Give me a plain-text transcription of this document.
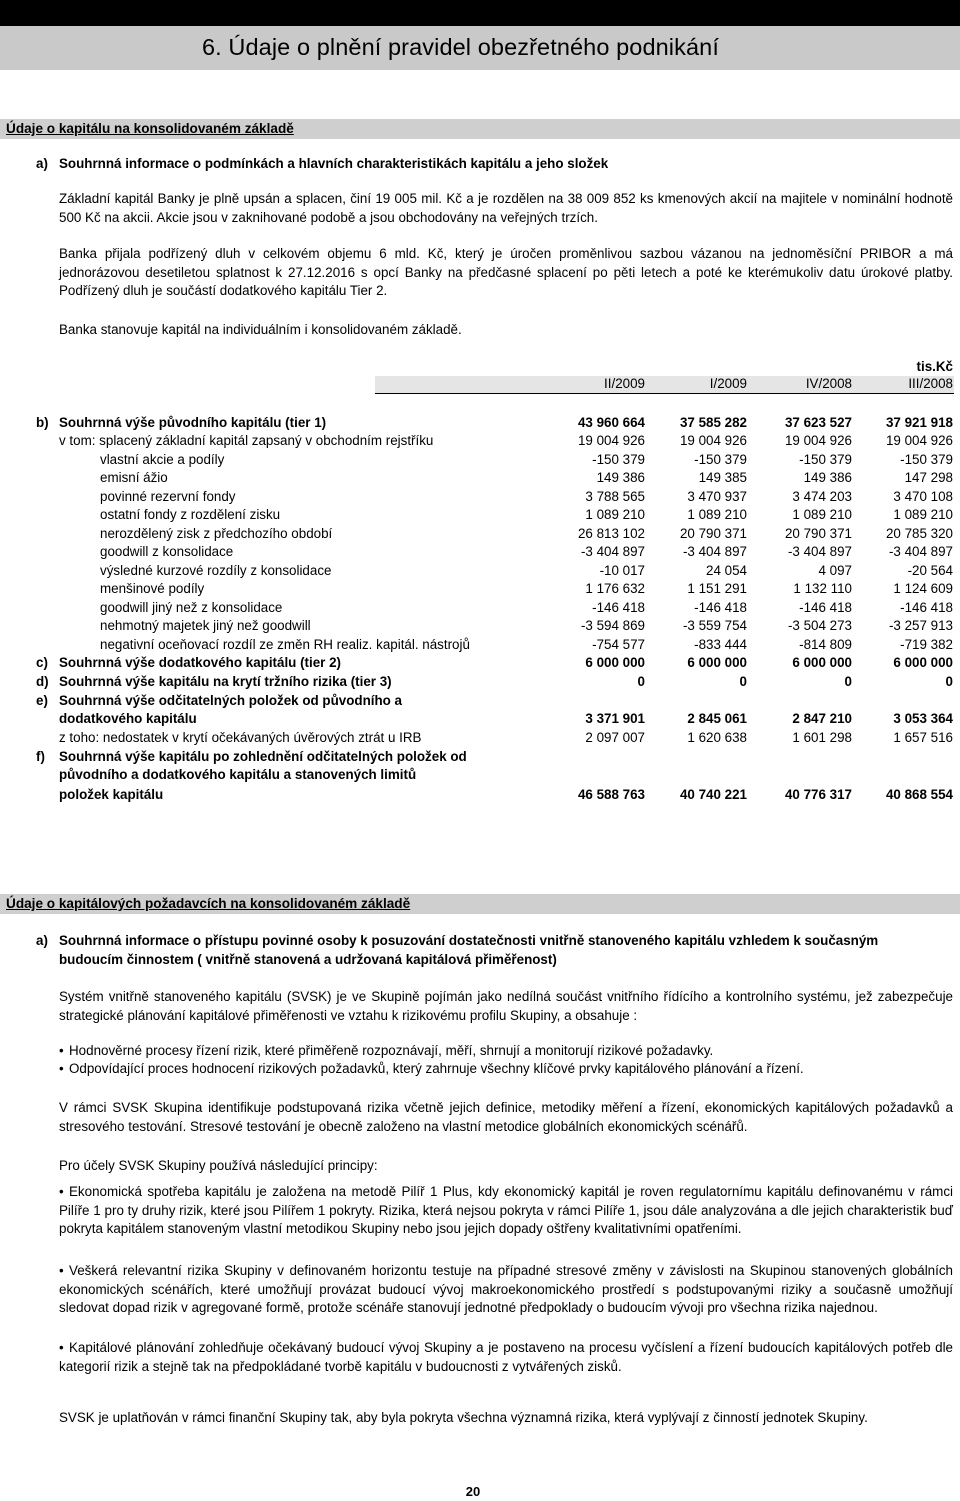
6. Údaje o plnění pravidel obezřetného podnikání
Údaje o kapitálu na konsolidovaném základě
a) Souhrnná informace o podmínkách a hlavních charakteristikách kapitálu a jeho složek
Základní kapitál Banky je plně upsán a splacen, činí 19 005 mil. Kč a je rozdělen na 38 009 852 ks kmenových akcií na majitele v nominální hodnotě 500 Kč na akcii. Akcie jsou v zaknihované podobě a jsou obchodovány na veřejných trzích.
Banka přijala podřízený dluh v celkovém objemu 6 mld. Kč, který je úročen proměnlivou sazbou vázanou na jednoměsíční PRIBOR a má jednorázovou desetiletou splatnost k 27.12.2016 s opcí Banky na předčasné splacení po pěti letech a poté ke kterémukoliv datu úrokové platby. Podřízený dluh je součástí dodatkového kapitálu Tier 2.
Banka stanovuje kapitál na individuálním i konsolidovaném základě.
tis.Kč
II/2009	I/2009	IV/2008	III/2008
b) Souhrnná výše původního kapitálu (tier 1)	43 960 664	37 585 282	37 623 527	37 921 918
v tom: splacený základní kapitál zapsaný v obchodním rejstříku	19 004 926	19 004 926	19 004 926	19 004 926
vlastní akcie a podíly	-150 379	-150 379	-150 379	-150 379
emisní ážio	149 386	149 385	149 386	147 298
povinné rezervní fondy	3 788 565	3 470 937	3 474 203	3 470 108
ostatní fondy z rozdělení zisku	1 089 210	1 089 210	1 089 210	1 089 210
nerozdělený zisk z předchozího období	26 813 102	20 790 371	20 790 371	20 785 320
goodwill z konsolidace	-3 404 897	-3 404 897	-3 404 897	-3 404 897
výsledné kurzové rozdíly z konsolidace	-10 017	24 054	4 097	-20 564
menšinové podíly	1 176 632	1 151 291	1 132 110	1 124 609
goodwill jiný než z konsolidace	-146 418	-146 418	-146 418	-146 418
nehmotný majetek jiný než goodwill	-3 594 869	-3 559 754	-3 504 273	-3 257 913
negativní oceňovací rozdíl ze změn RH realiz. kapitál. nástrojů	-754 577	-833 444	-814 809	-719 382
c) Souhrnná výše dodatkového kapitálu (tier 2)	6 000 000	6 000 000	6 000 000	6 000 000
d) Souhrnná výše kapitálu na krytí tržního rizika (tier 3)	0	0	0	0
e) Souhrnná výše odčitatelných položek od původního a
dodatkového kapitálu	3 371 901	2 845 061	2 847 210	3 053 364
z toho: nedostatek v krytí očekávaných úvěrových ztrát u IRB	2 097 007	1 620 638	1 601 298	1 657 516
f) Souhrnná výše kapitálu po zohlednění odčitatelných položek od
původního a dodatkového kapitálu a stanovených limitů
položek kapitálu	46 588 763	40 740 221	40 776 317	40 868 554
Údaje o kapitálových požadavcích na konsolidovaném základě
a) Souhrnná informace o přístupu povinné osoby k posuzování dostatečnosti vnitřně stanoveného kapitálu vzhledem k současným
budoucím činnostem ( vnitřně stanovená a udržovaná kapitálová přiměřenost)
Systém vnitřně stanoveného kapitálu (SVSK) je ve Skupině pojímán jako nedílná součást vnitřního řídícího a kontrolního systému, jež zabezpečuje strategické plánování kapitálové přiměřenosti ve vztahu k rizikovému profilu Skupiny, a obsahuje :
• Hodnověrné procesy řízení rizik, které přiměřeně rozpoznávají, měří, shrnují a monitorují rizikové požadavky.
• Odpovídající proces hodnocení rizikových požadavků, který zahrnuje všechny klíčové prvky kapitálového plánování a řízení.
V rámci SVSK Skupina identifikuje podstupovaná rizika včetně jejich definice, metodiky měření a řízení, ekonomických kapitálových požadavků a stresového testování. Stresové testování je obecně založeno na vlastní metodice globálních ekonomických scénářů.
Pro účely SVSK Skupiny používá následující principy:
• Ekonomická spotřeba kapitálu je založena na metodě Pilíř 1 Plus, kdy ekonomický kapitál je roven regulatornímu kapitálu definovanému v rámci Pilíře 1 pro ty druhy rizik, které jsou Pilířem 1 pokryty. Rizika, která nejsou pokryta v rámci Pilíře 1, jsou dále analyzována a dle jejich charakteristik buď pokryta kapitálem stanoveným vlastní metodikou Skupiny nebo jsou jejich dopady oštřeny kvalitativními opatřeními.
• Veškerá relevantní rizika Skupiny v definovaném horizontu testuje na případné stresové změny v závislosti na Skupinou stanovených globálních ekonomických scénářích, které umožňují provázat budoucí vývoj makroekonomického prostředí s podstupovanými riziky a současně umožňují sledovat dopad rizik v agregované formě, protože scénáře stanovují jednotné předpoklady o budoucím vývoji pro všechna rizika najednou.
• Kapitálové plánování zohledňuje očekávaný budoucí vývoj Skupiny a je postaveno na procesu vyčíslení a řízení budoucích kapitálových potřeb dle kategorií rizik a stejně tak na předpokládané tvorbě kapitálu v budoucnosti z vytvářených zisků.
SVSK je uplatňován v rámci finanční Skupiny tak, aby byla pokryta všechna významná rizika, která vyplývají z činností jednotek Skupiny.
20
